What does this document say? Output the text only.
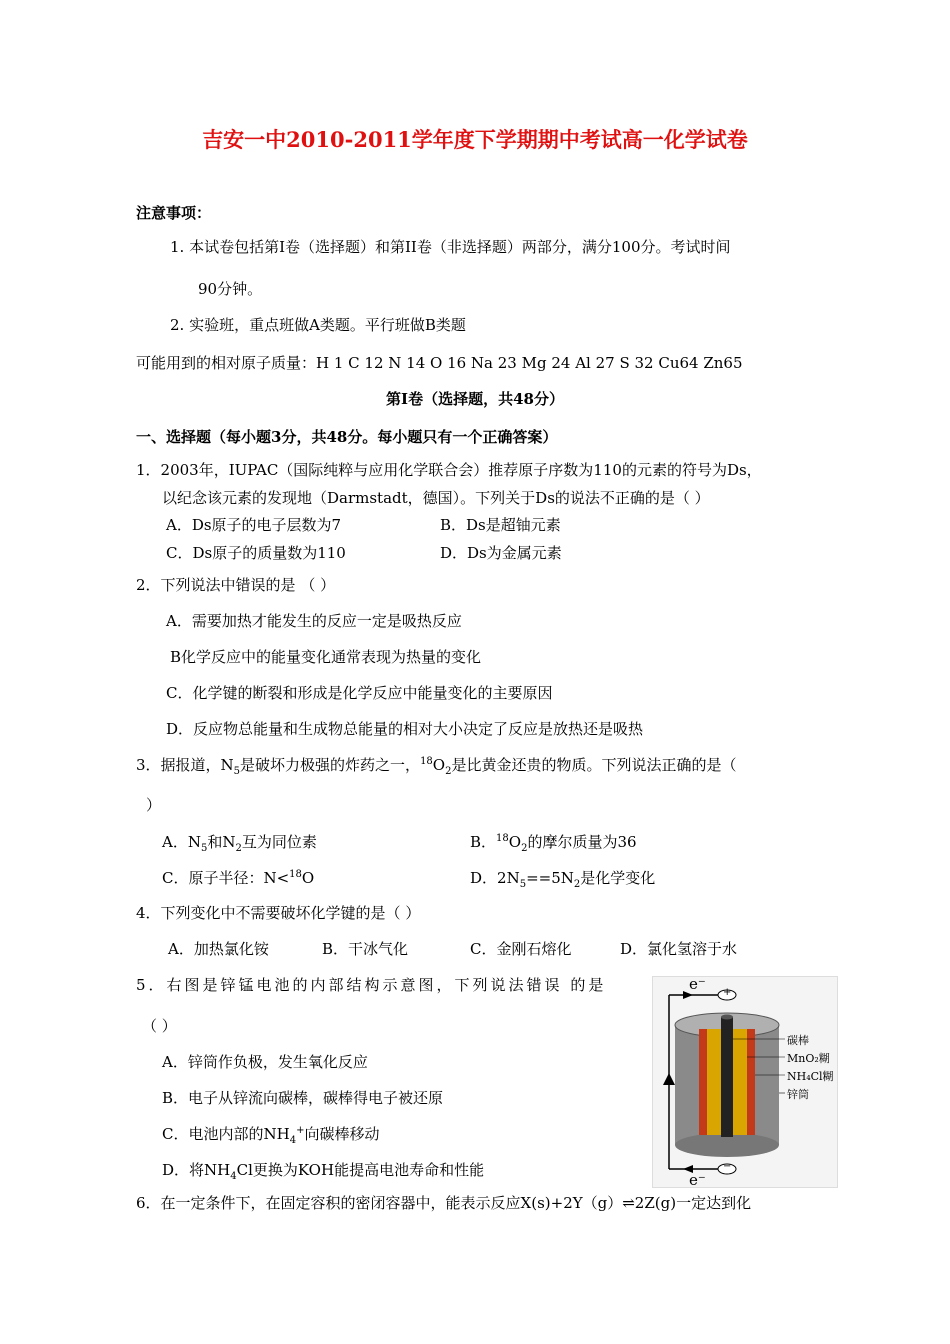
吉安一中2010-2011学年度下学期期中考试高一化学试卷
注意事项：
1. 本试卷包括第I卷（选择题）和第II卷（非选择题）两部分，满分100分。考试时间
90分钟。
2. 实验班，重点班做A类题。平行班做B类题
可能用到的相对原子质量：H 1 C 12 N 14 O 16 Na 23 Mg 24 Al 27 S 32 Cu64 Zn65
第Ⅰ卷（选择题，共48分）
一、选择题（每小题3分，共48分。每小题只有一个正确答案）
1．2003年，IUPAC（国际纯粹与应用化学联合会）推荐原子序数为110的元素的符号为Ds，
以纪念该元素的发现地（Darmstadt，德国）。下列关于Ds的说法不正确的是（ ）
A．Ds原子的电子层数为7	B．Ds是超铀元素
C．Ds原子的质量数为110	D．Ds为金属元素
2．下列说法中错误的是 （ ）
A．需要加热才能发生的反应一定是吸热反应
B化学反应中的能量变化通常表现为热量的变化
C．化学键的断裂和形成是化学反应中能量变化的主要原因
D．反应物总能量和生成物总能量的相对大小决定了反应是放热还是吸热
3．据报道，$N_5$是破坏力极强的炸药之一，$^{18}O_2$是比黄金还贵的物质。下列说法正确的是（
）
A．$N_5$和$N_2$互为同位素	B．$^{18}O_2$的摩尔质量为36
C．原子半径：N<$^{18}$O	D．$2N_5==5N_2$是化学变化
4．下列变化中不需要破坏化学键的是（ ）
A．加热氯化铵	B．干冰气化	C．金刚石熔化	D．氯化氢溶于水
5．右图是锌锰电池的内部结构示意图，下列说法错误 的是
（ ）
A．锌筒作负极，发生氧化反应
B．电子从锌流向碳棒，碳棒得电子被还原
C．电池内部的$NH_4^+$向碳棒移动
D．将$NH_4Cl$更换为KOH能提高电池寿命和性能
e⁻
e⁻
+
−
碳棒
MnO₂糊
NH₄Cl糊
锌筒
6．在一定条件下，在固定容积的密闭容器中，能表示反应X(s)+2Y（g）⇌2Z(g)一定达到化
